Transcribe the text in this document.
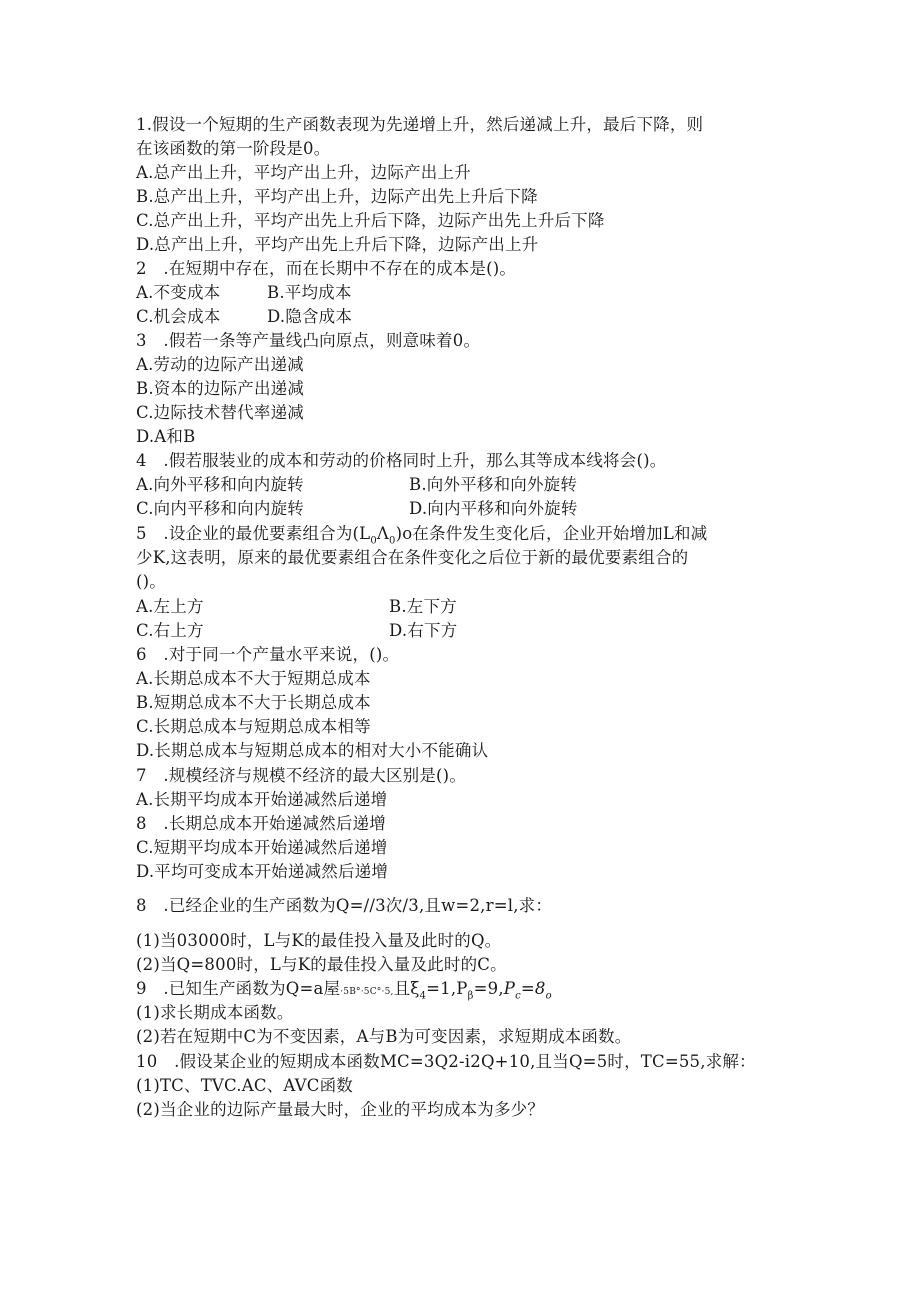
1.假设一个短期的生产函数表现为先递增上升，然后递减上升，最后下降，则
在该函数的第一阶段是0。
A.总产出上升，平均产出上升，边际产出上升
B.总产出上升，平均产出上升，边际产出先上升后下降
C.总产出上升，平均产出先上升后下降，边际产出先上升后下降
D.总产出上升，平均产出先上升后下降，边际产出上升
2　.在短期中存在，而在长期中不存在的成本是()。
A.不变成本	B.平均成本
C.机会成本	D.隐含成本
3　.假若一条等产量线凸向原点，则意味着0。
A.劳动的边际产出递减
B.资本的边际产出递减
C.边际技术替代率递减
D.A和B
4　.假若服装业的成本和劳动的价格同时上升，那么其等成本线将会()。
A.向外平移和向内旋转	B.向外平移和向外旋转
C.向内平移和向内旋转	D.向内平移和向外旋转
5　.设企业的最优要素组合为$(L_0\Lambda_0)o$在条件发生变化后，企业开始增加L和减
少K,这表明，原来的最优要素组合在条件变化之后位于新的最优要素组合的
()。
A.左上方	B.左下方
C.右上方	D.右下方
6　.对于同一个产量水平来说，()。
A.长期总成本不大于短期总成本
B.短期总成本不大于长期总成本
C.长期总成本与短期总成本相等
D.长期总成本与短期总成本的相对大小不能确认
7　.规模经济与规模不经济的最大区别是()。
A.长期平均成本开始递减然后递增
8　.长期总成本开始递减然后递增
C.短期平均成本开始递减然后递增
D.平均可变成本开始递减然后递增
8　.已经企业的生产函数为Q=//3次/3,且w=2,r=l,求：
(1)当03000时，L与K的最佳投入量及此时的Q。
(2)当Q=800时，L与K的最佳投入量及此时的C。
9　.已知生产函数为Q=a屋·5B°·5C°·5,且$\xi_4=1,P_\beta=9,P_c=8_o$
(1)求长期成本函数。
(2)若在短期中C为不变因素，A与B为可变因素，求短期成本函数。
10　.假设某企业的短期成本函数MC=3Q2-i2Q+10,且当Q=5时，TC=55,求解：
(1)TC、TVC.AC、AVC函数
(2)当企业的边际产量最大时，企业的平均成本为多少？
